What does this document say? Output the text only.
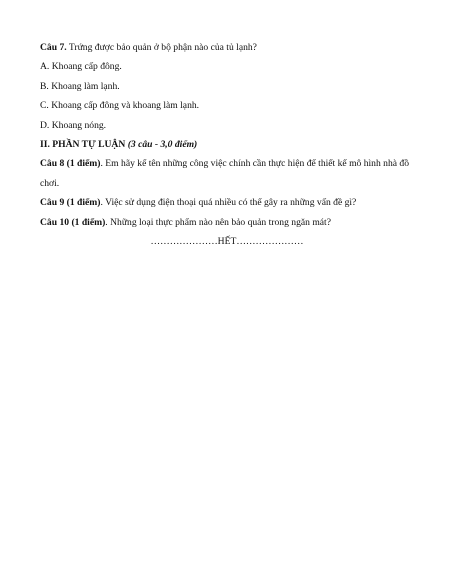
Câu 7. Trứng được bảo quản ở bộ phận nào của tủ lạnh?

A. Khoang cấp đông.

B. Khoang làm lạnh.

C. Khoang cấp đông và khoang làm lạnh.

D. Khoang nóng.

II. PHẦN TỰ LUẬN (3 câu - 3,0 điểm)

Câu 8 (1 điểm). Em hãy kể tên những công việc chính cần thực hiện để thiết kế mô hình nhà đồ chơi.

Câu 9 (1 điểm). Việc sử dụng điện thoại quá nhiều có thể gây ra những vấn đề gì?

Câu 10 (1 điểm). Những loại thực phẩm nào nên bảo quản trong ngăn mát?

…………………HẾT…………………
